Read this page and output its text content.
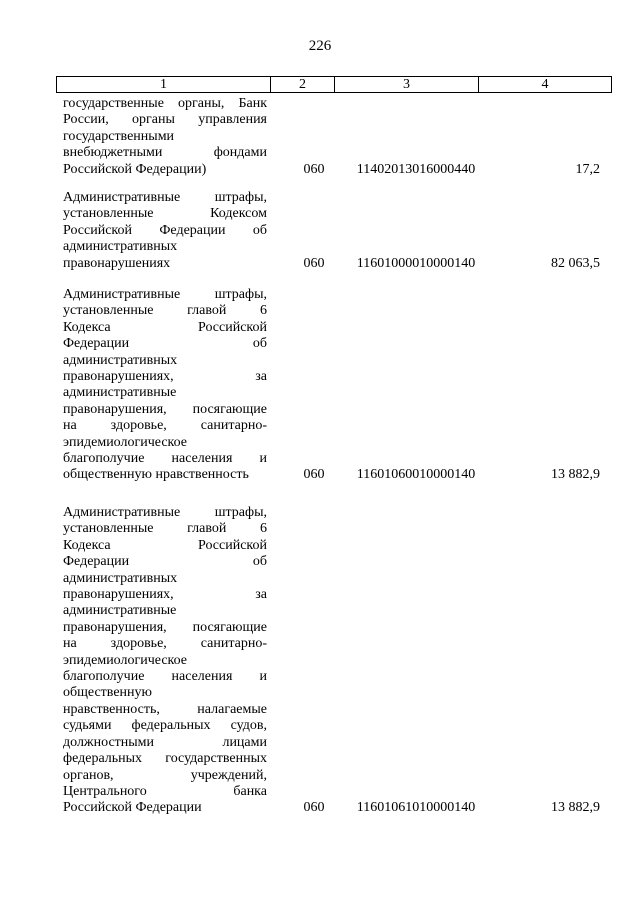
226
1	2	3	4
государственные органы, Банк
России, органы управления
государственными
внебюджетными фондами
Российской Федерации)	060	11402013016000440	17,2
Административные штрафы,
установленные Кодексом
Российской Федерации об
административных
правонарушениях	060	11601000010000140	82 063,5
Административные штрафы,
установленные главой 6
Кодекса Российской
Федерации об
административных
правонарушениях, за
административные
правонарушения, посягающие
на здоровье, санитарно-
эпидемиологическое
благополучие населения и
общественную нравственность	060	11601060010000140	13 882,9
Административные штрафы,
установленные главой 6
Кодекса Российской
Федерации об
административных
правонарушениях, за
административные
правонарушения, посягающие
на здоровье, санитарно-
эпидемиологическое
благополучие населения и
общественную
нравственность, налагаемые
судьями федеральных судов,
должностными лицами
федеральных государственных
органов, учреждений,
Центрального банка
Российской Федерации	060	11601061010000140	13 882,9
